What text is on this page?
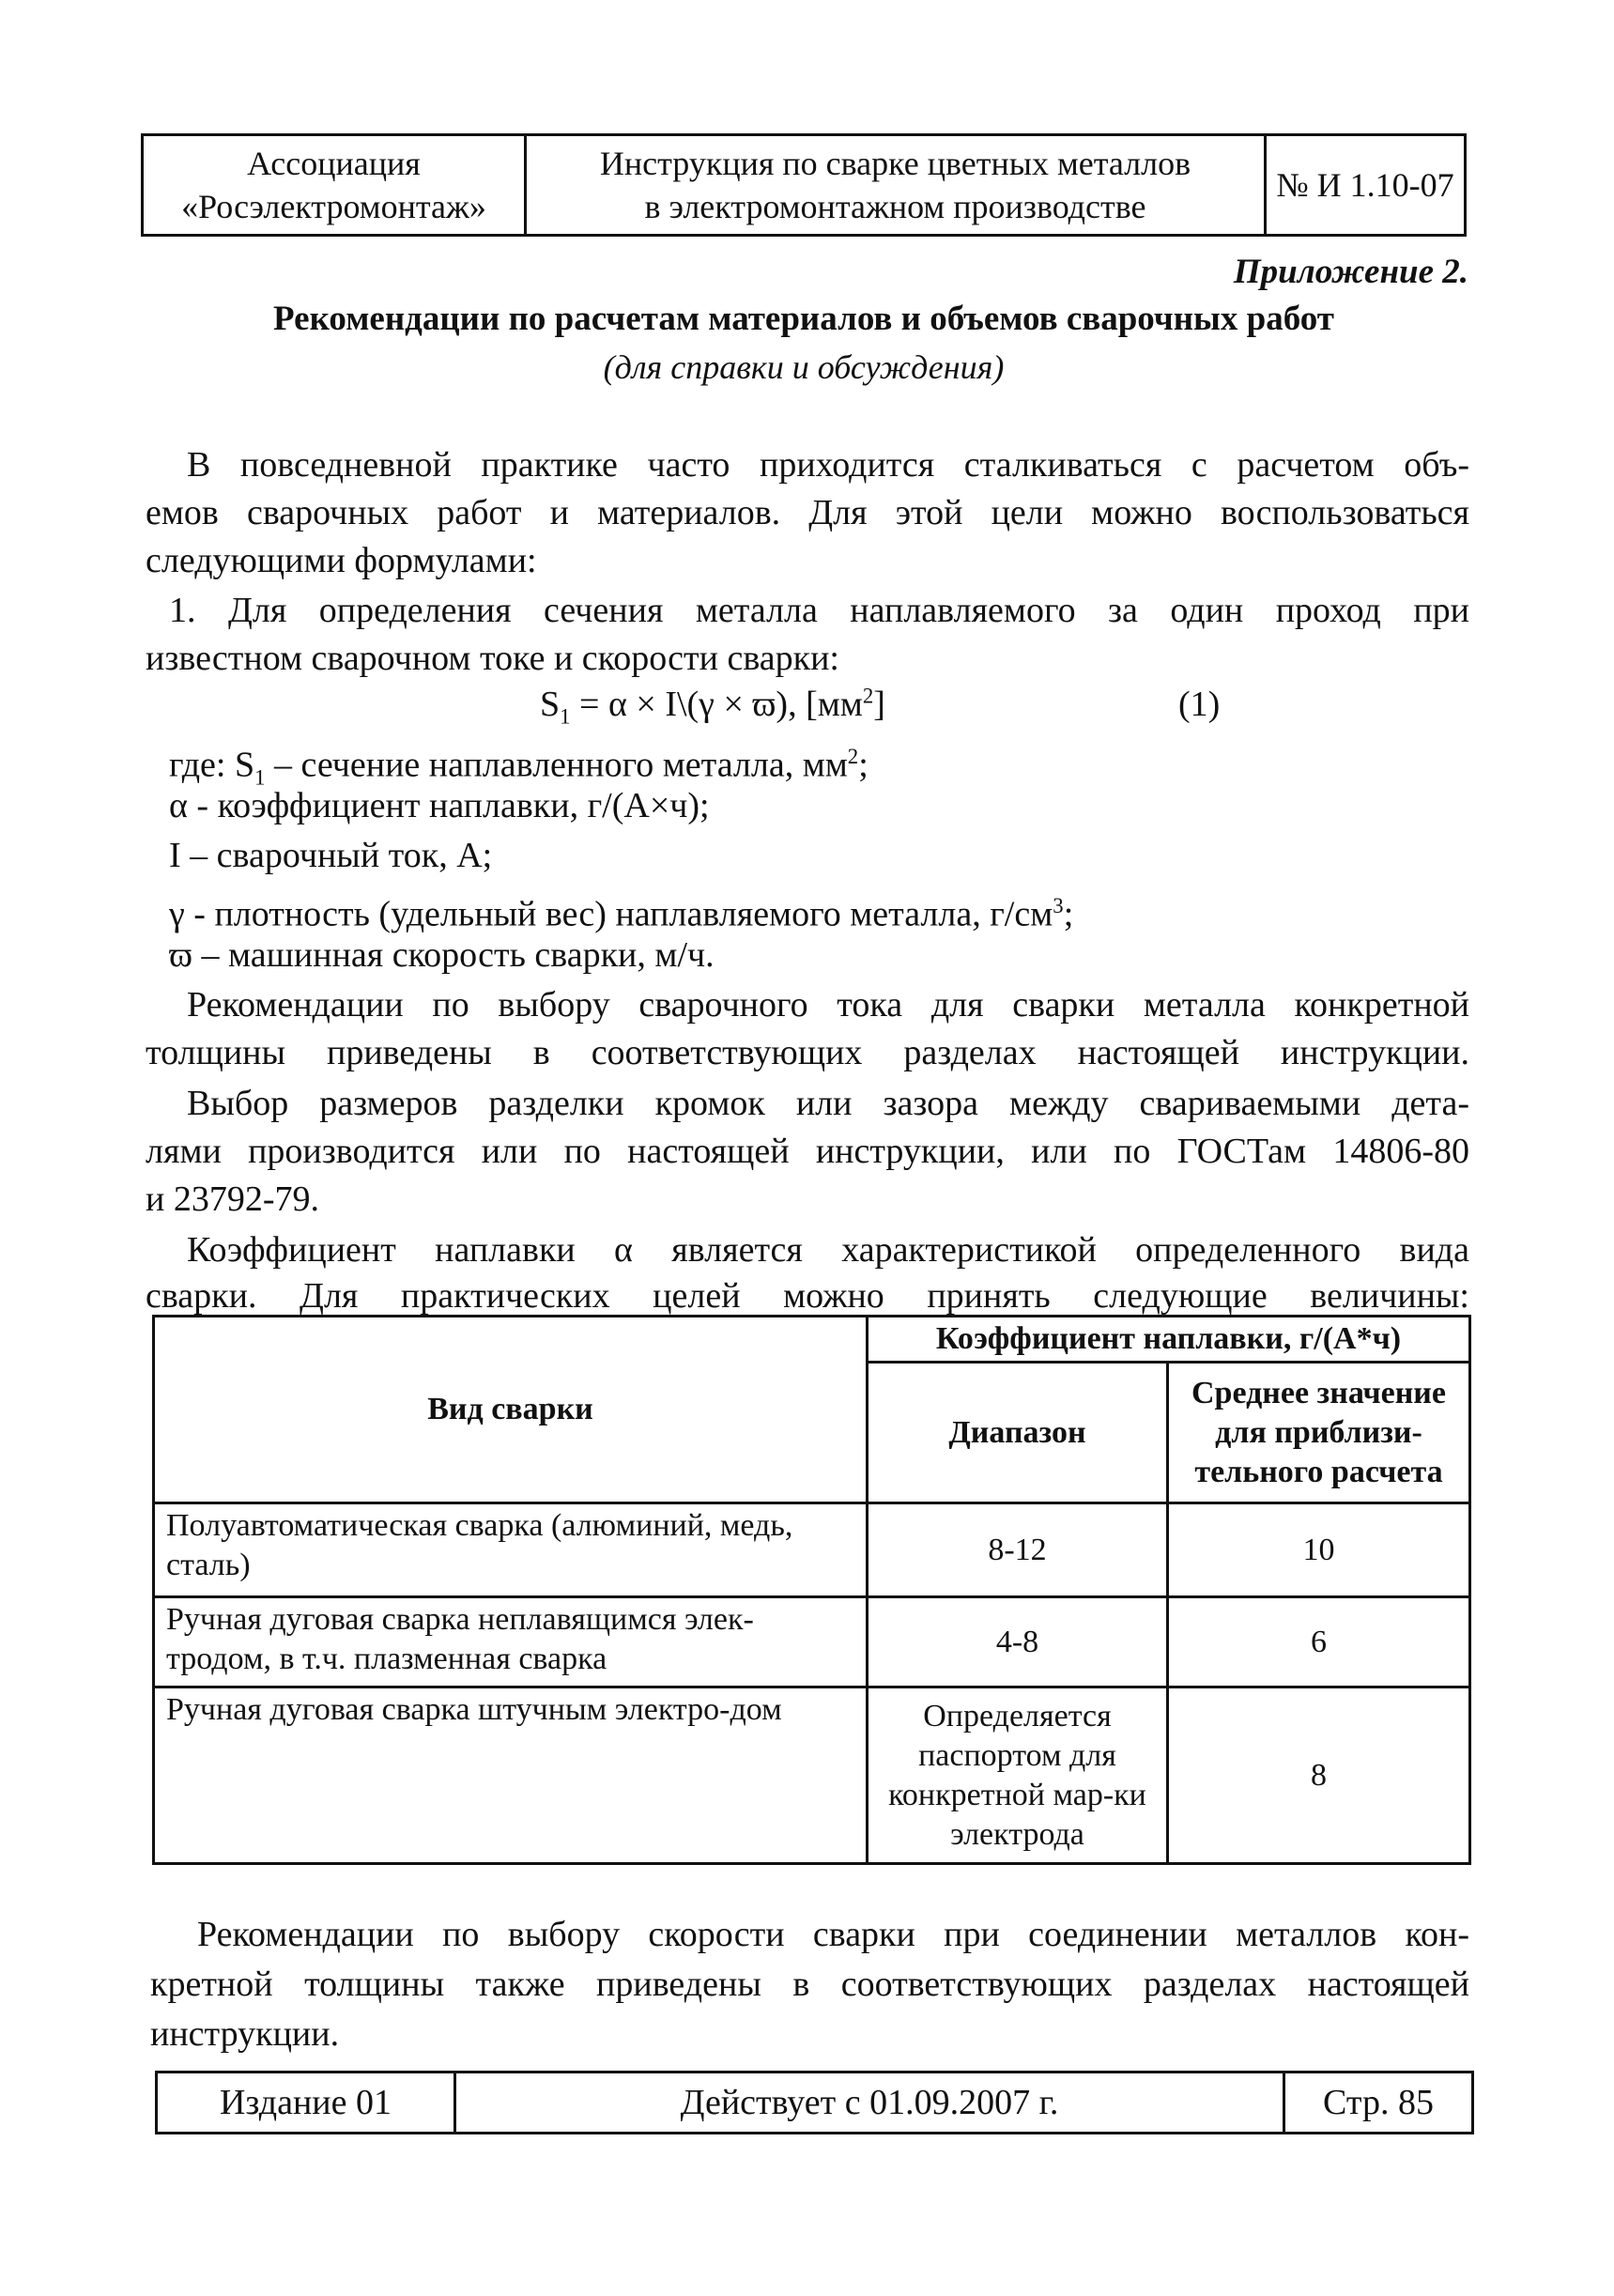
Ассоциация
«Росэлектромонтаж»
Инструкция по сварке цветных металлов
в электромонтажном производстве
№ И 1.10-07
Приложение 2.
Рекомендации по расчетам материалов и объемов сварочных работ
(для справки и обсуждения)
В повседневной практике часто приходится сталкиваться с расчетом объ-
емов сварочных работ и материалов. Для этой цели можно воспользоваться
следующими формулами:
1. Для определения сечения металла наплавляемого за один проход при
известном сварочном токе и скорости сварки:
$S_1 = \alpha$ × I\(γ × ϖ), $[мм^2]$	(1)
где: $S_1$ – сечение наплавленного металла, $мм^2$;
α - коэффициент наплавки, г/(А×ч);
I – сварочный ток, А;
γ - плотность (удельный вес) наплавляемого металла, $г/см^3$;
ϖ – машинная скорость сварки, м/ч.
Рекомендации по выбору сварочного тока для сварки металла конкретной
толщины приведены в соответствующих разделах настоящей инструкции.
Выбор размеров разделки кромок или зазора между свариваемыми дета-
лями производится или по настоящей инструкции, или по ГОСТам 14806-80
и 23792-79.
Коэффициент наплавки α является характеристикой определенного вида
сварки. Для практических целей можно принять следующие величины:
Вид сварки	Коэффициент наплавки, г/(А*ч)	
	Диапазон	Среднее значение для приблизи-тельного расчета
Полуавтоматическая сварка (алюминий, медь, сталь)	8-12	10
Ручная дуговая сварка неплавящимся элек-тродом, в т.ч. плазменная сварка	4-8	6
Ручная дуговая сварка штучным электро-дом	Определяется паспортом для конкретной мар-ки электрода	8
Рекомендации по выбору скорости сварки при соединении металлов кон-
кретной толщины также приведены в соответствующих разделах настоящей
инструкции.
Издание 01	Действует с 01.09.2007 г.	Стр. 85
